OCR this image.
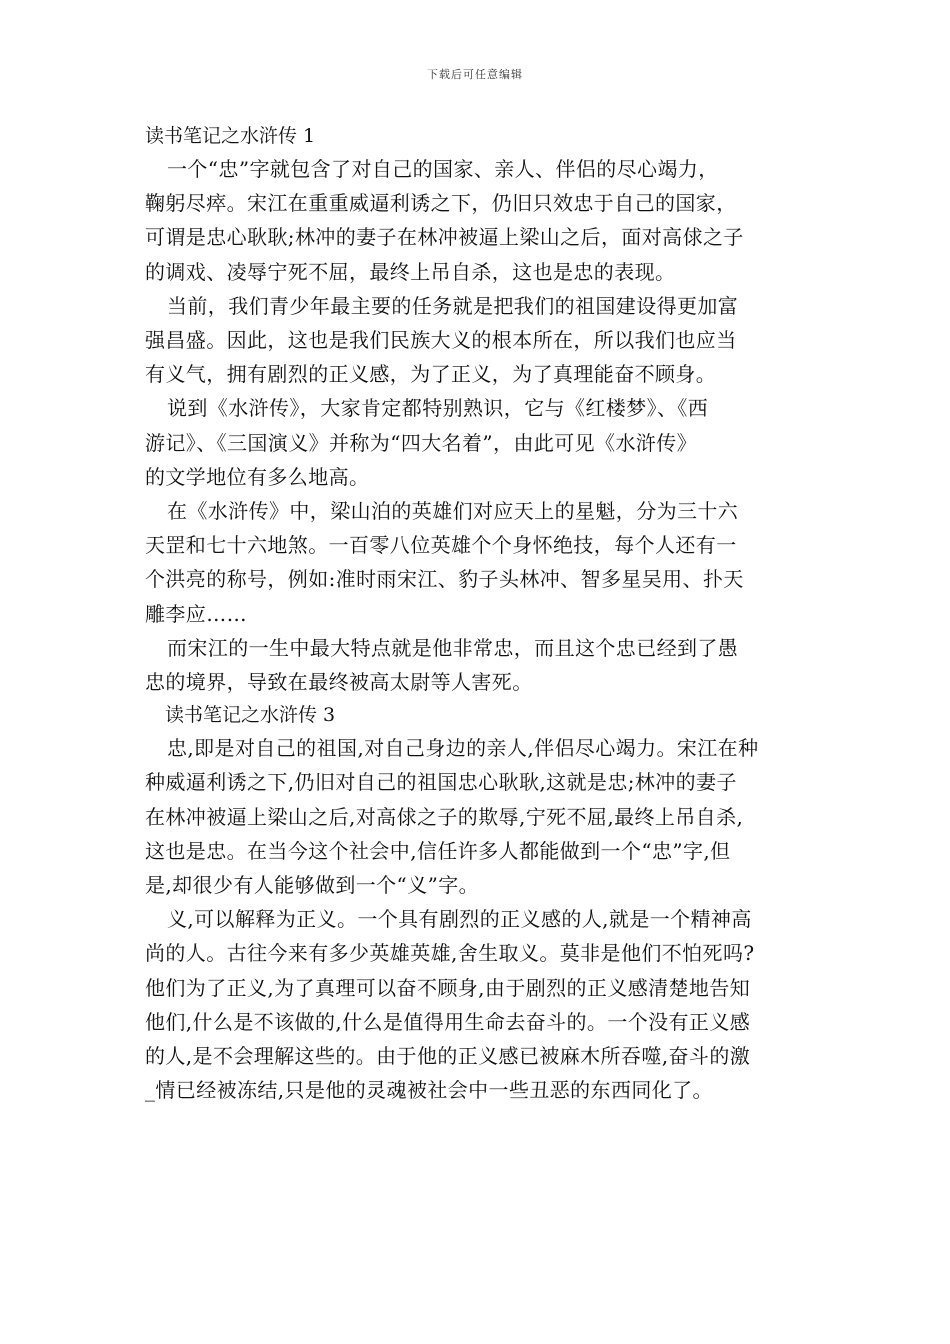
下载后可任意编辑
读书笔记之水浒传 1

一个“忠”字就包含了对自己的国家、亲人、伴侣的尽心竭力，
鞠躬尽瘁。宋江在重重威逼利诱之下，仍旧只效忠于自己的国家，
可谓是忠心耿耿;林冲的妻子在林冲被逼上梁山之后，面对高俅之子
的调戏、凌辱宁死不屈，最终上吊自杀，这也是忠的表现。

当前，我们青少年最主要的任务就是把我们的祖国建设得更加富
强昌盛。因此，这也是我们民族大义的根本所在，所以我们也应当
有义气，拥有剧烈的正义感，为了正义，为了真理能奋不顾身。

说到《水浒传》，大家肯定都特别熟识，它与《红楼梦》、《西
游记》、《三国演义》并称为“四大名着”，由此可见《水浒传》
的文学地位有多么地高。

在《水浒传》中，梁山泊的英雄们对应天上的星魁，分为三十六
天罡和七十六地煞。一百零八位英雄个个身怀绝技，每个人还有一
个洪亮的称号，例如:准时雨宋江、豹子头林冲、智多星吴用、扑天
雕李应……

而宋江的一生中最大特点就是他非常忠，而且这个忠已经到了愚
忠的境界，导致在最终被高太尉等人害死。

读书笔记之水浒传 3

忠,即是对自己的祖国,对自己身边的亲人,伴侣尽心竭力。宋江在种
种威逼利诱之下,仍旧对自己的祖国忠心耿耿,这就是忠;林冲的妻子
在林冲被逼上梁山之后,对高俅之子的欺辱,宁死不屈,最终上吊自杀,
这也是忠。在当今这个社会中,信任许多人都能做到一个“忠”字,但
是,却很少有人能够做到一个“义”字。

义,可以解释为正义。一个具有剧烈的正义感的人,就是一个精神高
尚的人。古往今来有多少英雄英雄,舍生取义。莫非是他们不怕死吗?
他们为了正义,为了真理可以奋不顾身,由于剧烈的正义感清楚地告知
他们,什么是不该做的,什么是值得用生命去奋斗的。一个没有正义感
的人,是不会理解这些的。由于他的正义感已被麻木所吞噬,奋斗的激
_情已经被冻结,只是他的灵魂被社会中一些丑恶的东西同化了。
